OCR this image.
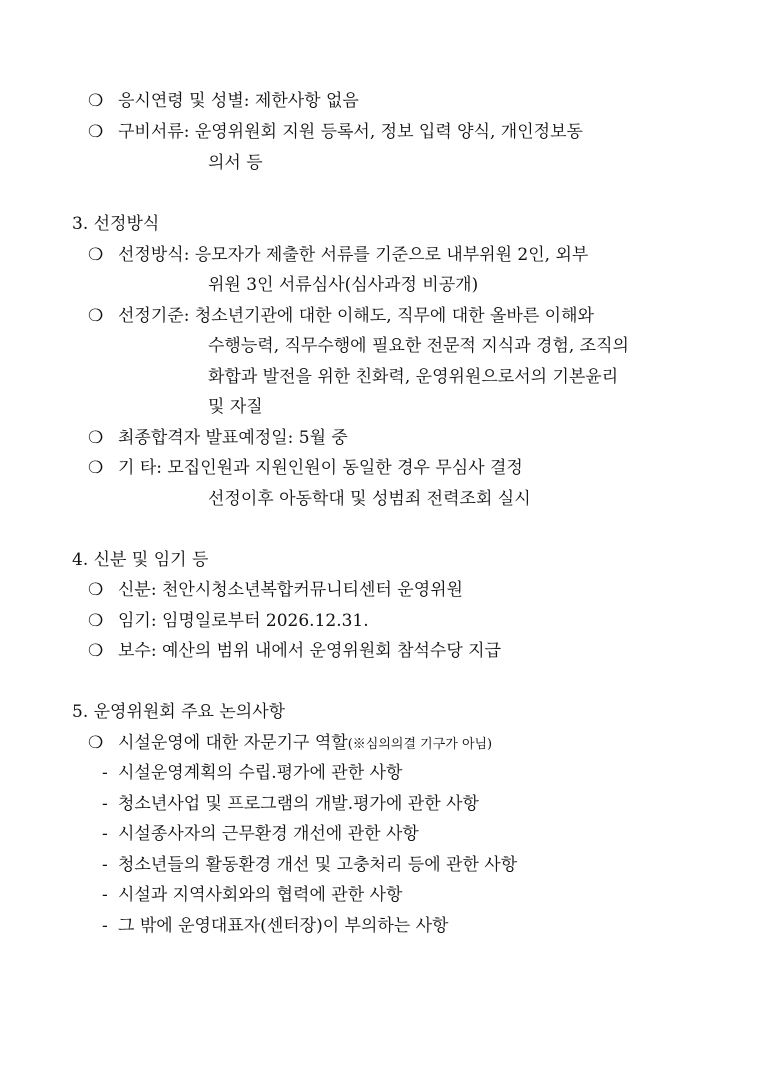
❍ 응시연령 및 성별: 제한사항 없음
❍ 구비서류: 운영위원회 지원 등록서, 정보 입력 양식, 개인정보동
의서 등
3. 선정방식
❍ 선정방식: 응모자가 제출한 서류를 기준으로 내부위원 2인, 외부
위원 3인 서류심사(심사과정 비공개)
❍ 선정기준: 청소년기관에 대한 이해도, 직무에 대한 올바른 이해와
수행능력, 직무수행에 필요한 전문적 지식과 경험, 조직의
화합과 발전을 위한 친화력, 운영위원으로서의 기본윤리
및 자질
❍ 최종합격자 발표예정일: 5월 중
❍ 기 타: 모집인원과 지원인원이 동일한 경우 무심사 결정
선정이후 아동학대 및 성범죄 전력조회 실시
4. 신분 및 임기 등
❍ 신분: 천안시청소년복합커뮤니티센터 운영위원
❍ 임기: 임명일로부터 2026.12.31.
❍ 보수: 예산의 범위 내에서 운영위원회 참석수당 지급
5. 운영위원회 주요 논의사항
❍ 시설운영에 대한 자문기구 역할(※심의의결 기구가 아님)
- 시설운영계획의 수립.평가에 관한 사항
- 청소년사업 및 프로그램의 개발.평가에 관한 사항
- 시설종사자의 근무환경 개선에 관한 사항
- 청소년들의 활동환경 개선 및 고충처리 등에 관한 사항
- 시설과 지역사회와의 협력에 관한 사항
- 그 밖에 운영대표자(센터장)이 부의하는 사항
